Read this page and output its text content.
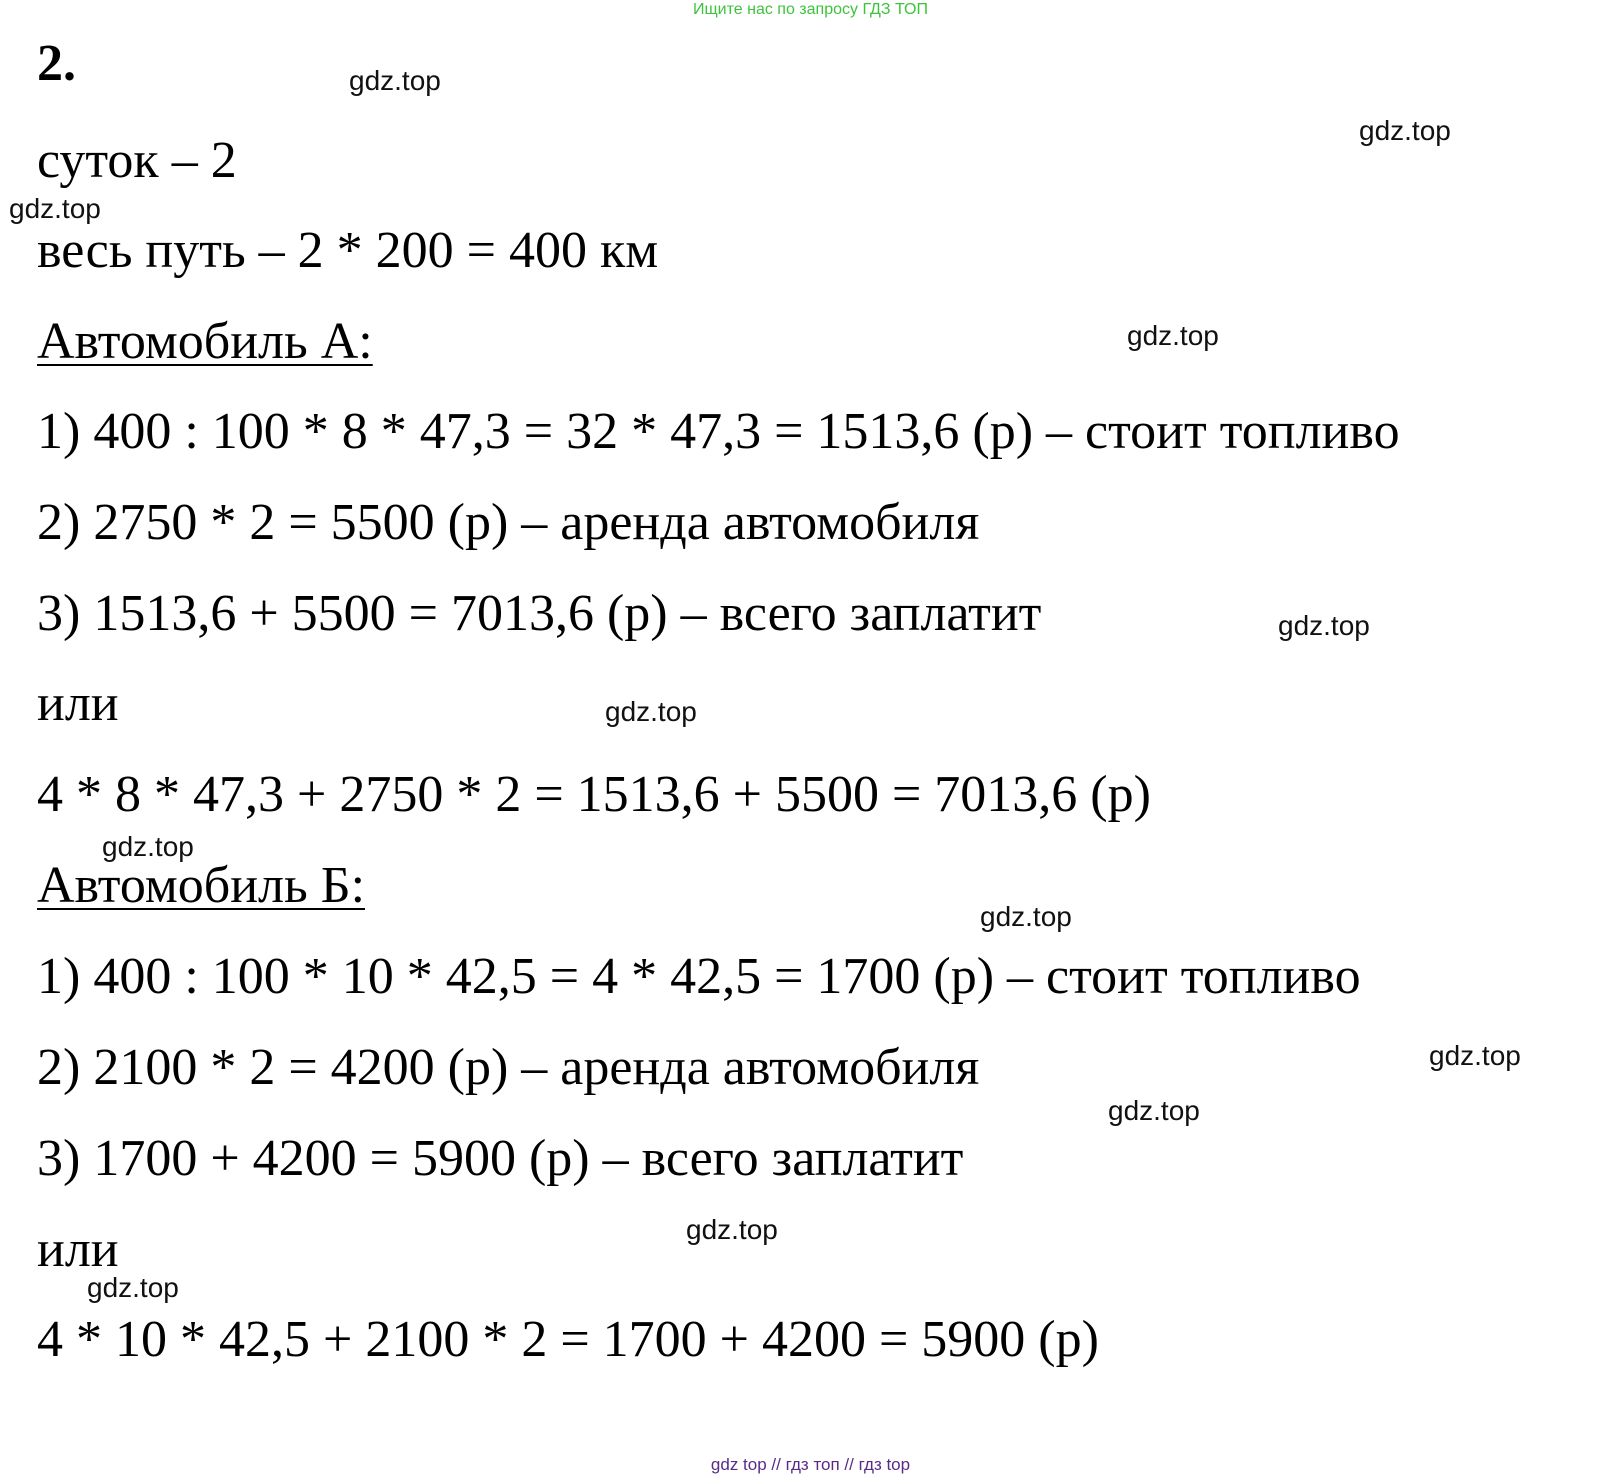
Ищите нас по запросу ГДЗ ТОП
2.
суток – 2
весь путь – 2 * 200 = 400 км
Автомобиль А:
1) 400 : 100 * 8 * 47,3 = 32 * 47,3 = 1513,6 (р) – стоит топливо
2) 2750 * 2 = 5500 (р) – аренда автомобиля
3) 1513,6 + 5500 = 7013,6 (р) – всего заплатит
или
4 * 8 * 47,3 + 2750 * 2 = 1513,6 + 5500 = 7013,6 (р)
Автомобиль Б:
1) 400 : 100 * 10 * 42,5 = 4 * 42,5 = 1700 (р) – стоит топливо
2) 2100 * 2 = 4200 (р) – аренда автомобиля
3) 1700 + 4200 = 5900 (р) – всего заплатит
или
4 * 10 * 42,5 + 2100 * 2 = 1700 + 4200 = 5900 (р)
gdz.top
gdz.top
gdz.top
gdz.top
gdz.top
gdz.top
gdz.top
gdz.top
gdz.top
gdz.top
gdz.top
gdz.top
gdz top // гдз топ // гдз top
